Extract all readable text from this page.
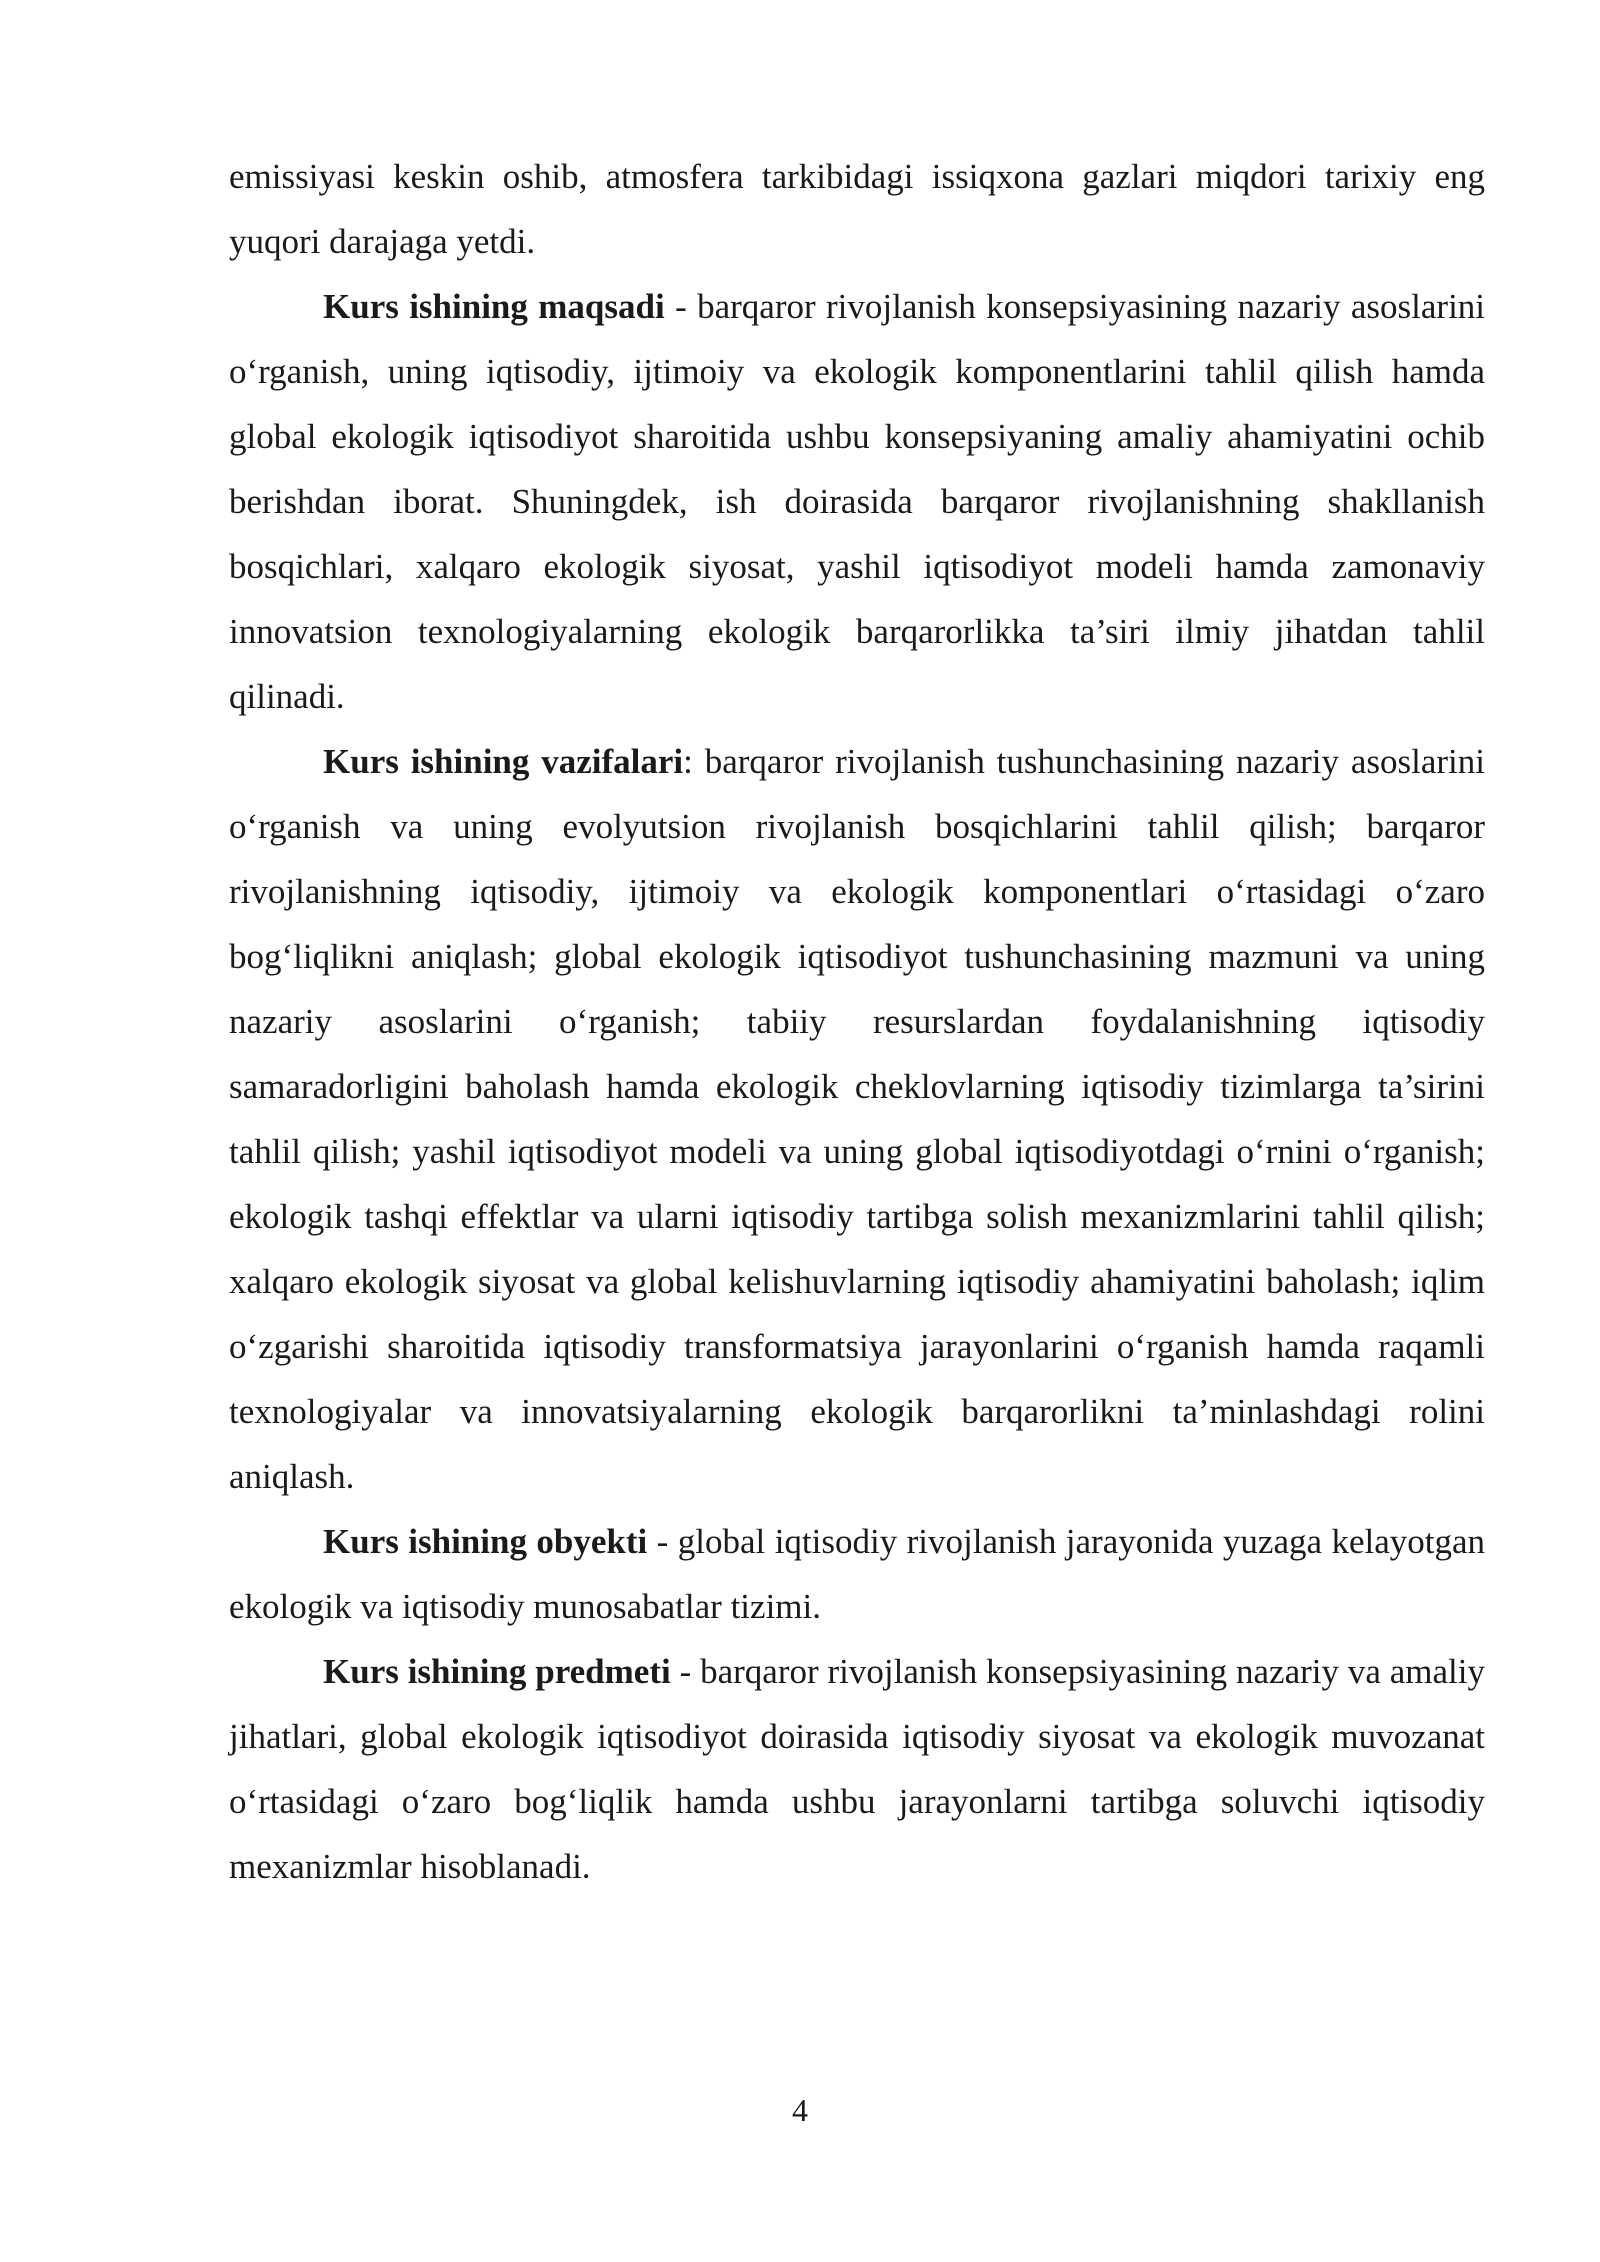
emissiyasi keskin oshib, atmosfera tarkibidagi issiqxona gazlari miqdori tarixiy eng yuqori darajaga yetdi.

Kurs ishining maqsadi - barqaror rivojlanish konsepsiyasining nazariy asoslarini o‘rganish, uning iqtisodiy, ijtimoiy va ekologik komponentlarini tahlil qilish hamda global ekologik iqtisodiyot sharoitida ushbu konsepsiyaning amaliy ahamiyatini ochib berishdan iborat. Shuningdek, ish doirasida barqaror rivojlanishning shakllanish bosqichlari, xalqaro ekologik siyosat, yashil iqtisodiyot modeli hamda zamonaviy innovatsion texnologiyalarning ekologik barqarorlikka ta’siri ilmiy jihatdan tahlil qilinadi.

Kurs ishining vazifalari: barqaror rivojlanish tushunchasining nazariy asoslarini o‘rganish va uning evolyutsion rivojlanish bosqichlarini tahlil qilish; barqaror rivojlanishning iqtisodiy, ijtimoiy va ekologik komponentlari o‘rtasidagi o‘zaro bog‘liqlikni aniqlash; global ekologik iqtisodiyot tushunchasining mazmuni va uning nazariy asoslarini o‘rganish; tabiiy resurslardan foydalanishning iqtisodiy samaradorligini baholash hamda ekologik cheklovlarning iqtisodiy tizimlarga ta’sirini tahlil qilish; yashil iqtisodiyot modeli va uning global iqtisodiyotdagi o‘rnini o‘rganish; ekologik tashqi effektlar va ularni iqtisodiy tartibga solish mexanizmlarini tahlil qilish; xalqaro ekologik siyosat va global kelishuvlarning iqtisodiy ahamiyatini baholash; iqlim o‘zgarishi sharoitida iqtisodiy transformatsiya jarayonlarini o‘rganish hamda raqamli texnologiyalar va innovatsiyalarning ekologik barqarorlikni ta’minlashdagi rolini aniqlash.

Kurs ishining obyekti - global iqtisodiy rivojlanish jarayonida yuzaga kelayotgan ekologik va iqtisodiy munosabatlar tizimi.

Kurs ishining predmeti - barqaror rivojlanish konsepsiyasining nazariy va amaliy jihatlari, global ekologik iqtisodiyot doirasida iqtisodiy siyosat va ekologik muvozanat o‘rtasidagi o‘zaro bog‘liqlik hamda ushbu jarayonlarni tartibga soluvchi iqtisodiy mexanizmlar hisoblanadi.

4
